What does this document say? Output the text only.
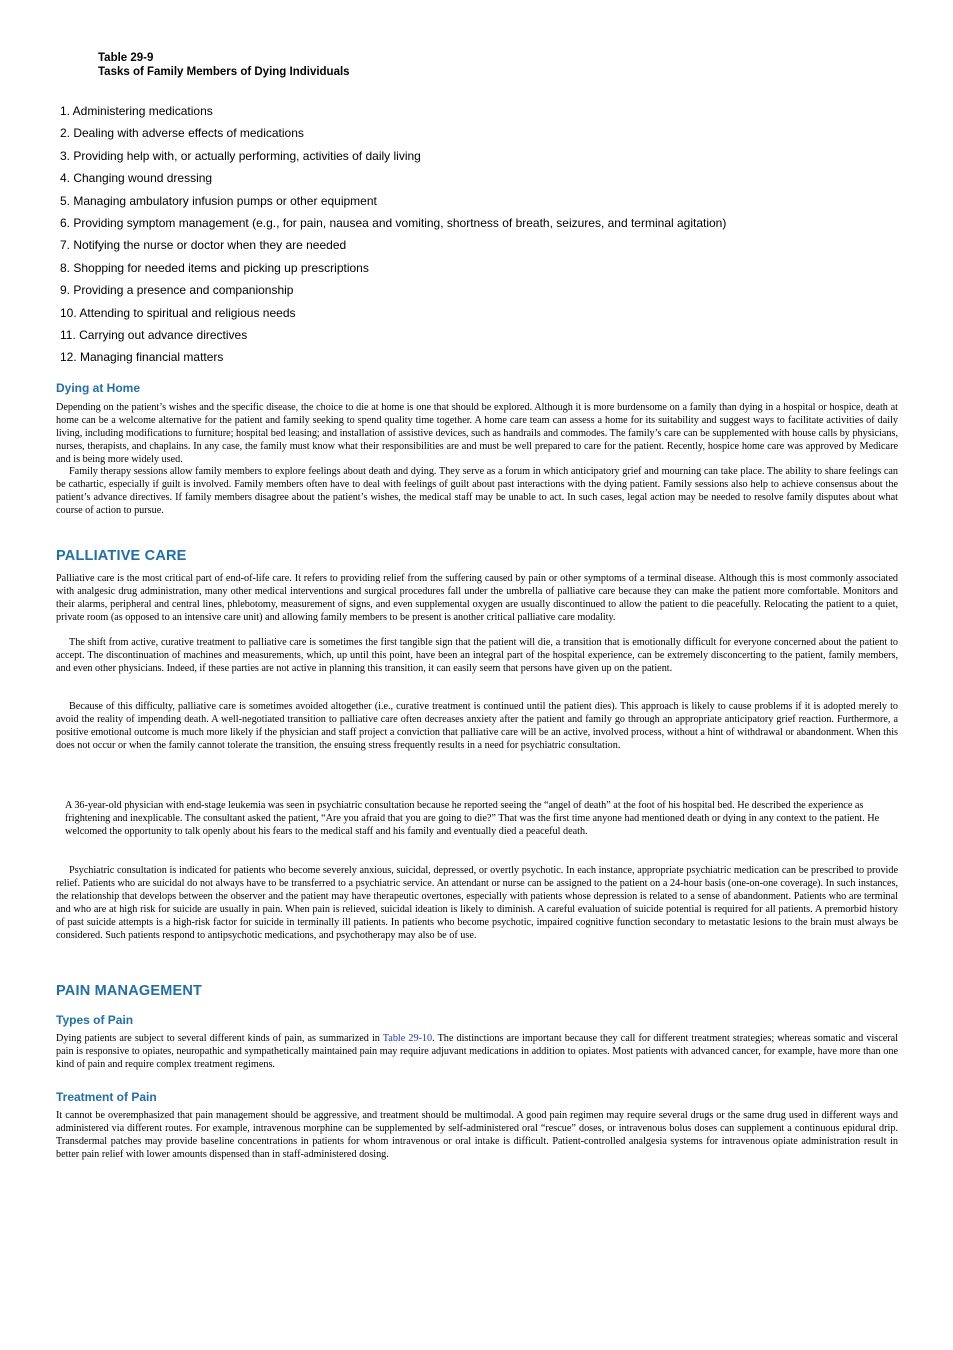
Table 29-9
Tasks of Family Members of Dying Individuals
1. Administering medications
2. Dealing with adverse effects of medications
3. Providing help with, or actually performing, activities of daily living
4. Changing wound dressing
5. Managing ambulatory infusion pumps or other equipment
6. Providing symptom management (e.g., for pain, nausea and vomiting, shortness of breath, seizures, and terminal agitation)
7. Notifying the nurse or doctor when they are needed
8. Shopping for needed items and picking up prescriptions
9. Providing a presence and companionship
10. Attending to spiritual and religious needs
11. Carrying out advance directives
12. Managing financial matters
Dying at Home

Depending on the patient’s wishes and the specific disease, the choice to die at home is one that should be explored. Although it is more burdensome on a family than dying in a hospital or hospice, death at home can be a welcome alternative for the patient and family seeking to spend quality time together. A home care team can assess a home for its suitability and suggest ways to facilitate activities of daily living, including modifications to furniture; hospital bed leasing; and installation of assistive devices, such as handrails and commodes. The family’s care can be supplemented with house calls by physicians, nurses, therapists, and chaplains. In any case, the family must know what their responsibilities are and must be well prepared to care for the patient. Recently, hospice home care was approved by Medicare and is being more widely used.

Family therapy sessions allow family members to explore feelings about death and dying. They serve as a forum in which anticipatory grief and mourning can take place. The ability to share feelings can be cathartic, especially if guilt is involved. Family members often have to deal with feelings of guilt about past interactions with the dying patient. Family sessions also help to achieve consensus about the patient’s advance directives. If family members disagree about the patient’s wishes, the medical staff may be unable to act. In such cases, legal action may be needed to resolve family disputes about what course of action to pursue.

PALLIATIVE CARE

Palliative care is the most critical part of end-of-life care. It refers to providing relief from the suffering caused by pain or other symptoms of a terminal disease. Although this is most commonly associated with analgesic drug administration, many other medical interventions and surgical procedures fall under the umbrella of palliative care because they can make the patient more comfortable. Monitors and their alarms, peripheral and central lines, phlebotomy, measurement of signs, and even supplemental oxygen are usually discontinued to allow the patient to die peacefully. Relocating the patient to a quiet, private room (as opposed to an intensive care unit) and allowing family members to be present is another critical palliative care modality.

The shift from active, curative treatment to palliative care is sometimes the first tangible sign that the patient will die, a transition that is emotionally difficult for everyone concerned about the patient to accept. The discontinuation of machines and measurements, which, up until this point, have been an integral part of the hospital experience, can be extremely disconcerting to the patient, family members, and even other physicians. Indeed, if these parties are not active in planning this transition, it can easily seem that persons have given up on the patient.

Because of this difficulty, palliative care is sometimes avoided altogether (i.e., curative treatment is continued until the patient dies). This approach is likely to cause problems if it is adopted merely to avoid the reality of impending death. A well-negotiated transition to palliative care often decreases anxiety after the patient and family go through an appropriate anticipatory grief reaction. Furthermore, a positive emotional outcome is much more likely if the physician and staff project a conviction that palliative care will be an active, involved process, without a hint of withdrawal or abandonment. When this does not occur or when the family cannot tolerate the transition, the ensuing stress frequently results in a need for psychiatric consultation.

A 36-year-old physician with end-stage leukemia was seen in psychiatric consultation because he reported seeing the “angel of death” at the foot of his hospital bed. He described the experience as frightening and inexplicable. The consultant asked the patient, “Are you afraid that you are going to die?” That was the first time anyone had mentioned death or dying in any context to the patient. He welcomed the opportunity to talk openly about his fears to the medical staff and his family and eventually died a peaceful death.

Psychiatric consultation is indicated for patients who become severely anxious, suicidal, depressed, or overtly psychotic. In each instance, appropriate psychiatric medication can be prescribed to provide relief. Patients who are suicidal do not always have to be transferred to a psychiatric service. An attendant or nurse can be assigned to the patient on a 24-hour basis (one-on-one coverage). In such instances, the relationship that develops between the observer and the patient may have therapeutic overtones, especially with patients whose depression is related to a sense of abandonment. Patients who are terminal and who are at high risk for suicide are usually in pain. When pain is relieved, suicidal ideation is likely to diminish. A careful evaluation of suicide potential is required for all patients. A premorbid history of past suicide attempts is a high-risk factor for suicide in terminally ill patients. In patients who become psychotic, impaired cognitive function secondary to metastatic lesions to the brain must always be considered. Such patients respond to antipsychotic medications, and psychotherapy may also be of use.

PAIN MANAGEMENT
Types of Pain

Dying patients are subject to several different kinds of pain, as summarized in Table 29-10. The distinctions are important because they call for different treatment strategies; whereas somatic and visceral pain is responsive to opiates, neuropathic and sympathetically maintained pain may require adjuvant medications in addition to opiates. Most patients with advanced cancer, for example, have more than one kind of pain and require complex treatment regimens.

Treatment of Pain

It cannot be overemphasized that pain management should be aggressive, and treatment should be multimodal. A good pain regimen may require several drugs or the same drug used in different ways and administered via different routes. For example, intravenous morphine can be supplemented by self-administered oral “rescue” doses, or intravenous bolus doses can supplement a continuous epidural drip. Transdermal patches may provide baseline concentrations in patients for whom intravenous or oral intake is difficult. Patient-controlled analgesia systems for intravenous opiate administration result in better pain relief with lower amounts dispensed than in staff-administered dosing.
